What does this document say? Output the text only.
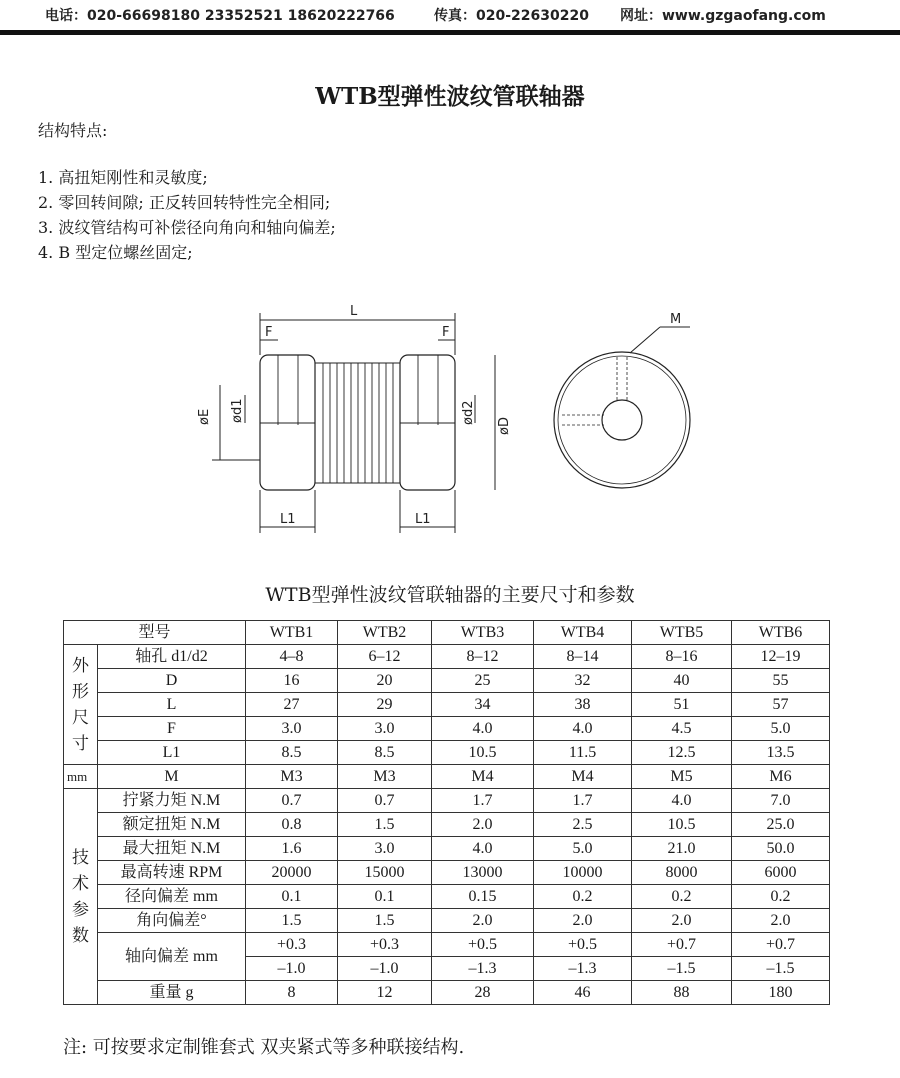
电话：020-66698180 23352521 18620222766	传真：020-22630220 网址：www.gzgaofang.com
WTB型弹性波纹管联轴器
结构特点:
1. 高扭矩刚性和灵敏度;
2. 零回转间隙; 正反转回转特性完全相同;
3. 波纹管结构可补偿径向角向和轴向偏差;
4. B 型定位螺丝固定;
L
F	F
L1	L1
øE ød1	ød2
øD
M
WTB型弹性波纹管联轴器的主要尺寸和参数
型号		WTB1	WTB2	WTB3	WTB4	WTB5	WTB6

外形尺寸	轴孔 d1/d2	4–8	6–12	8–12	8–14	8–16	12–19
	D	16	20	25	32	40	55
	L	27	29	34	38	51	57
	F	3.0	3.0	4.0	4.0	4.5	5.0
	L1	8.5	8.5	10.5	11.5	12.5	13.5
mm	M	M3	M3	M4	M4	M5	M6

技术参数	拧紧力矩 N.M	0.7	0.7	1.7	1.7	4.0	7.0
	额定扭矩 N.M	0.8	1.5	2.0	2.5	10.5	25.0
	最大扭矩 N.M	1.6	3.0	4.0	5.0	21.0	50.0
	最高转速 RPM	20000	15000	13000	10000	8000	6000
	径向偏差 mm	0.1	0.1	0.15	0.2	0.2	0.2
	角向偏差°	1.5	1.5	2.0	2.0	2.0	2.0
	轴向偏差 mm	+0.3	+0.3	+0.5	+0.5	+0.7	+0.7
		–1.0	–1.0	–1.3	–1.3	–1.5	–1.5
	重量 g	8	12	28	46	88	180
注: 可按要求定制锥套式 双夹紧式等多种联接结构.
